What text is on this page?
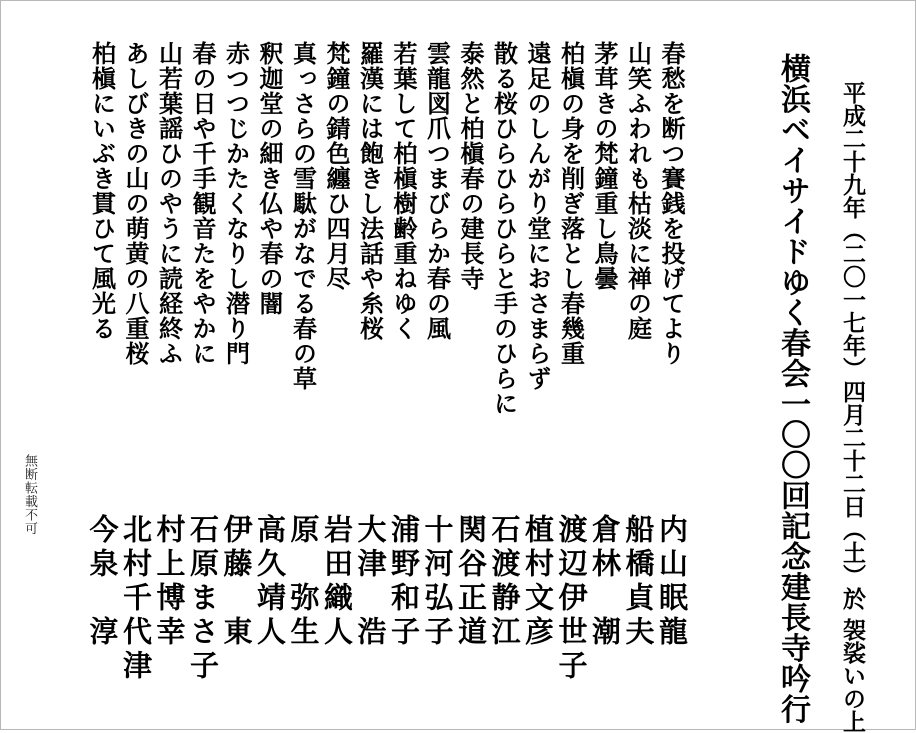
平成二十九年（二〇一七年）四月二十二日（土）於 袈裟いの上
横浜ベイサイドゆく春会一〇〇回記念建長寺吟行
春愁を断つ賽銭を投げてより
山笑ふわれも枯淡に禅の庭
茅茸きの梵鐘重し鳥曇
柏槇の身を削ぎ落とし春幾重
遠足のしんがり堂におさまらず
散る桜ひらひらひらと手のひらに
泰然と柏槇春の建長寺
雲龍図爪つまびらか春の風
若葉して柏槇樹齢重ねゆく
羅漢には飽きし法話や糸桜
梵鐘の錆色纏ひ四月尽
真っさらの雪駄がなでる春の草
釈迦堂の細き仏や春の闇
赤つつじかたくなりし潜り門
春の日や千手観音たをやかに
山若葉謡ひのやうに読経終ふ
あしびきの山の萌黄の八重桜
柏槇にいぶき貫ひて風光る
内山眠龍
船橋貞夫
倉林　潮
渡辺伊世子
植村文彦
石渡静江
関谷正道
十河弘子
浦野和子
大津　浩
岩田織人
原　弥生
高久靖人
伊藤　東
石原まさ子
村上博幸
北村千代津
今泉　淳
無断転載不可
